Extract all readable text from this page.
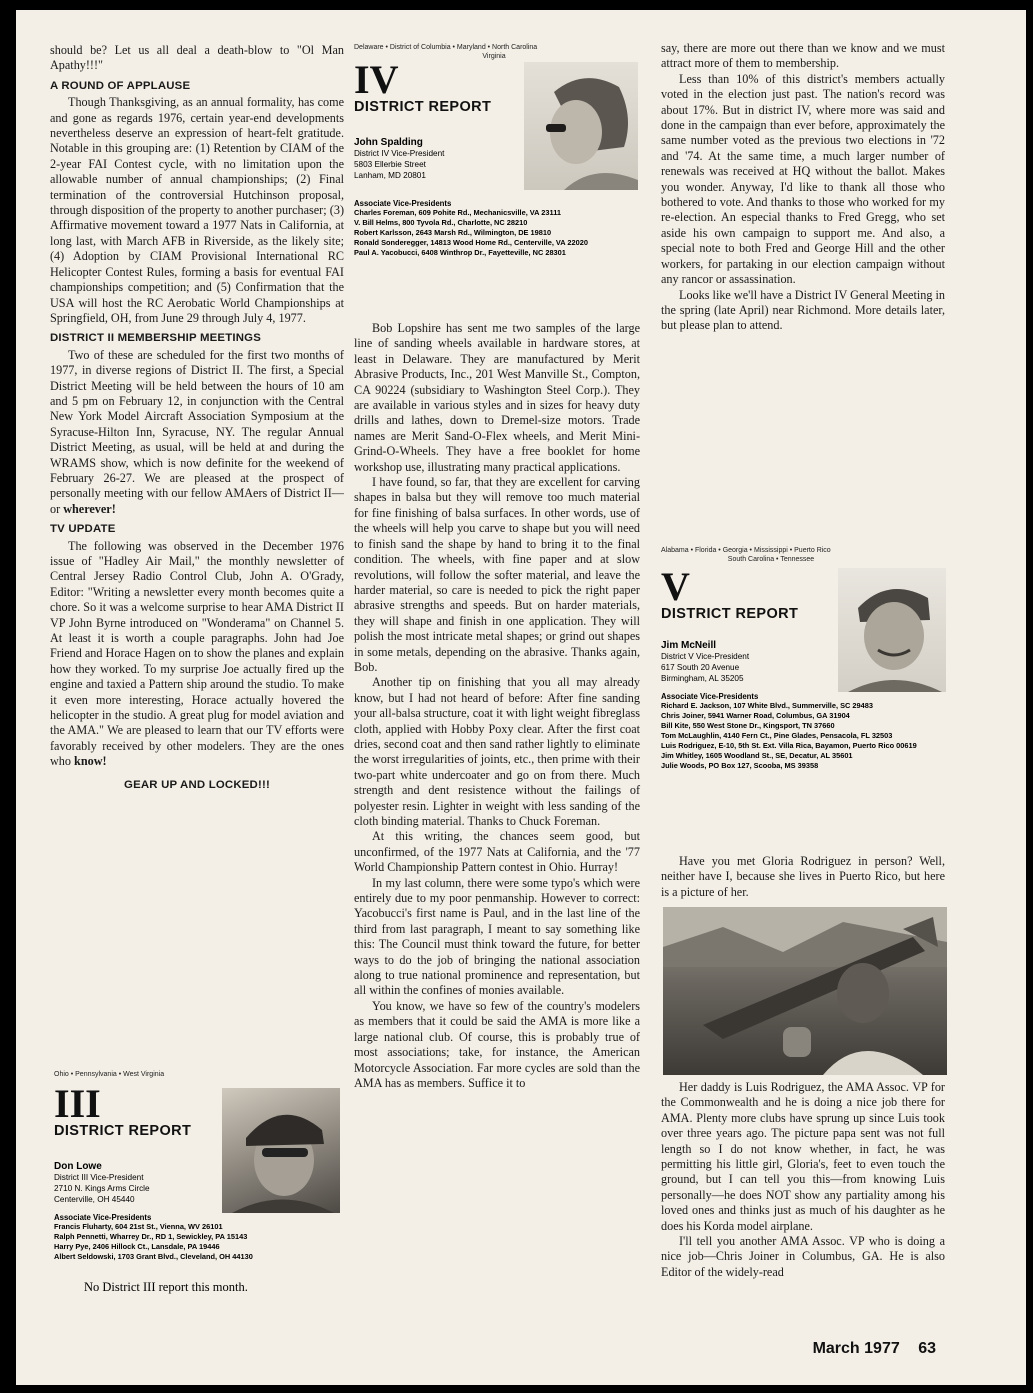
should be? Let us all deal a death-blow to "Ol Man Apathy!!!"

A ROUND OF APPLAUSE

Though Thanksgiving, as an annual formality, has come and gone as regards 1976, certain year-end developments nevertheless deserve an expression of heart-felt gratitude. Notable in this grouping are: (1) Retention by CIAM of the 2-year FAI Contest cycle, with no limitation upon the allowable number of annual championships; (2) Final termination of the controversial Hutchinson proposal, through disposition of the property to another purchaser; (3) Affirmative movement toward a 1977 Nats in California, at long last, with March AFB in Riverside, as the likely site; (4) Adoption by CIAM Provisional International RC Helicopter Contest Rules, forming a basis for eventual FAI championships competition; and (5) Confirmation that the USA will host the RC Aerobatic World Championships at Springfield, OH, from June 29 through July 4, 1977.

DISTRICT II MEMBERSHIP MEETINGS

Two of these are scheduled for the first two months of 1977, in diverse regions of District II. The first, a Special District Meeting will be held between the hours of 10 am and 5 pm on February 12, in conjunction with the Central New York Model Aircraft Association Symposium at the Syracuse-Hilton Inn, Syracuse, NY. The regular Annual District Meeting, as usual, will be held at and during the WRAMS show, which is now definite for the weekend of February 26-27. We are pleased at the prospect of personally meeting with our fellow AMAers of District II—or wherever!

TV UPDATE

The following was observed in the December 1976 issue of "Hadley Air Mail," the monthly newsletter of Central Jersey Radio Control Club, John A. O'Grady, Editor: "Writing a newsletter every month becomes quite a chore. So it was a welcome surprise to hear AMA District II VP John Byrne introduced on "Wonderama" on Channel 5. At least it is worth a couple paragraphs. John had Joe Friend and Horace Hagen on to show the planes and explain how they worked. To my surprise Joe actually fired up the engine and taxied a Pattern ship around the studio. To make it even more interesting, Horace actually hovered the helicopter in the studio. A great plug for model aviation and the AMA." We are pleased to learn that our TV efforts were favorably received by other modelers. They are the ones who know!

GEAR UP AND LOCKED!!!
Ohio • Pennsylvania • West Virginia
III
DISTRICT REPORT
Don Lowe
District III Vice-President
2710 N. Kings Arms Circle
Centerville, OH 45440
Associate Vice-Presidents
Francis Fluharty, 604 21st St., Vienna, WV 26101
Ralph Pennetti, Wharrey Dr., RD 1, Sewickley, PA 15143
Harry Pye, 2406 Hillock Ct., Lansdale, PA 19446
Albert Seldowski, 1703 Grant Blvd., Cleveland, OH 44130
No District III report this month.
Delaware • District of Columbia • Maryland • North Carolina
Virginia
IV
DISTRICT REPORT
John Spalding
District IV Vice-President
5803 Ellerbie Street
Lanham, MD 20801
Associate Vice-Presidents
Charles Foreman, 609 Pohite Rd., Mechanicsville, VA 23111
V. Bill Helms, 800 Tyvola Rd., Charlotte, NC 28210
Robert Karlsson, 2643 Marsh Rd., Wilmington, DE 19810
Ronald Sonderegger, 14813 Wood Home Rd., Centerville, VA 22020
Paul A. Yacobucci, 6408 Winthrop Dr., Fayetteville, NC 28301

Bob Lopshire has sent me two samples of the large line of sanding wheels available in hardware stores, at least in Delaware. They are manufactured by Merit Abrasive Products, Inc., 201 West Manville St., Compton, CA 90224 (subsidiary to Washington Steel Corp.). They are available in various styles and in sizes for heavy duty drills and lathes, down to Dremel-size motors. Trade names are Merit Sand-O-Flex wheels, and Merit Mini-Grind-O-Wheels. They have a free booklet for home workshop use, illustrating many practical applications.

I have found, so far, that they are excellent for carving shapes in balsa but they will remove too much material for fine finishing of balsa surfaces. In other words, use of the wheels will help you carve to shape but you will need to finish sand the shape by hand to bring it to the final condition. The wheels, with fine paper and at slow revolutions, will follow the softer material, and leave the harder material, so care is needed to pick the right paper abrasive strengths and speeds. But on harder materials, they will shape and finish in one application. They will polish the most intricate metal shapes; or grind out shapes in some metals, depending on the abrasive. Thanks again, Bob.

Another tip on finishing that you all may already know, but I had not heard of before: After fine sanding your all-balsa structure, coat it with light weight fibreglass cloth, applied with Hobby Poxy clear. After the first coat dries, second coat and then sand rather lightly to eliminate the worst irregularities of joints, etc., then prime with their two-part white undercoater and go on from there. Much strength and dent resistence without the failings of polyester resin. Lighter in weight with less sanding of the cloth binding material. Thanks to Chuck Foreman.

At this writing, the chances seem good, but unconfirmed, of the 1977 Nats at California, and the '77 World Championship Pattern contest in Ohio. Hurray!

In my last column, there were some typo's which were entirely due to my poor penmanship. However to correct: Yacobucci's first name is Paul, and in the last line of the third from last paragraph, I meant to say something like this: The Council must think toward the future, for better ways to do the job of bringing the national association along to true national prominence and representation, but all within the confines of monies available.

You know, we have so few of the country's modelers as members that it could be said the AMA is more like a large national club. Of course, this is probably true of most associations; take, for instance, the American Motorcycle Association. Far more cycles are sold than the AMA has as members. Suffice it to

say, there are more out there than we know and we must attract more of them to membership.

Less than 10% of this district's members actually voted in the election just past. The nation's record was about 17%. But in district IV, where more was said and done in the campaign than ever before, approximately the same number voted as the previous two elections in '72 and '74. At the same time, a much larger number of renewals was received at HQ without the ballot. Makes you wonder. Anyway, I'd like to thank all those who bothered to vote. And thanks to those who worked for my re-election. An especial thanks to Fred Gregg, who set aside his own campaign to support me. And also, a special note to both Fred and George Hill and the other workers, for partaking in our election campaign without any rancor or assassination.

Looks like we'll have a District IV General Meeting in the spring (late April) near Richmond. More details later, but please plan to attend.

Alabama • Florida • Georgia • Mississippi • Puerto Rico
South Carolina • Tennessee
V
DISTRICT REPORT
Jim McNeill
District V Vice-President
617 South 20 Avenue
Birmingham, AL 35205
Associate Vice-Presidents
Richard E. Jackson, 107 White Blvd., Summerville, SC 29483
Chris Joiner, 5941 Warner Road, Columbus, GA 31904
Bill Kite, 550 West Stone Dr., Kingsport, TN 37660
Tom McLaughlin, 4140 Fern Ct., Pine Glades, Pensacola, FL 32503
Luis Rodriguez, E-10, 5th St. Ext. Villa Rica, Bayamon, Puerto Rico 00619
Jim Whitley, 1605 Woodland St., SE, Decatur, AL 35601
Julie Woods, PO Box 127, Scooba, MS 39358

Have you met Gloria Rodriguez in person? Well, neither have I, because she lives in Puerto Rico, but here is a picture of her.

Her daddy is Luis Rodriguez, the AMA Assoc. VP for the Commonwealth and he is doing a nice job there for AMA. Plenty more clubs have sprung up since Luis took over three years ago. The picture papa sent was not full length so I do not know whether, in fact, he was permitting his little girl, Gloria's, feet to even touch the ground, but I can tell you this—from knowing Luis personally—he does NOT show any partiality among his loved ones and thinks just as much of his daughter as he does his Korda model airplane.

I'll tell you another AMA Assoc. VP who is doing a nice job—Chris Joiner in Columbus, GA. He is also Editor of the widely-read

March 1977 63
